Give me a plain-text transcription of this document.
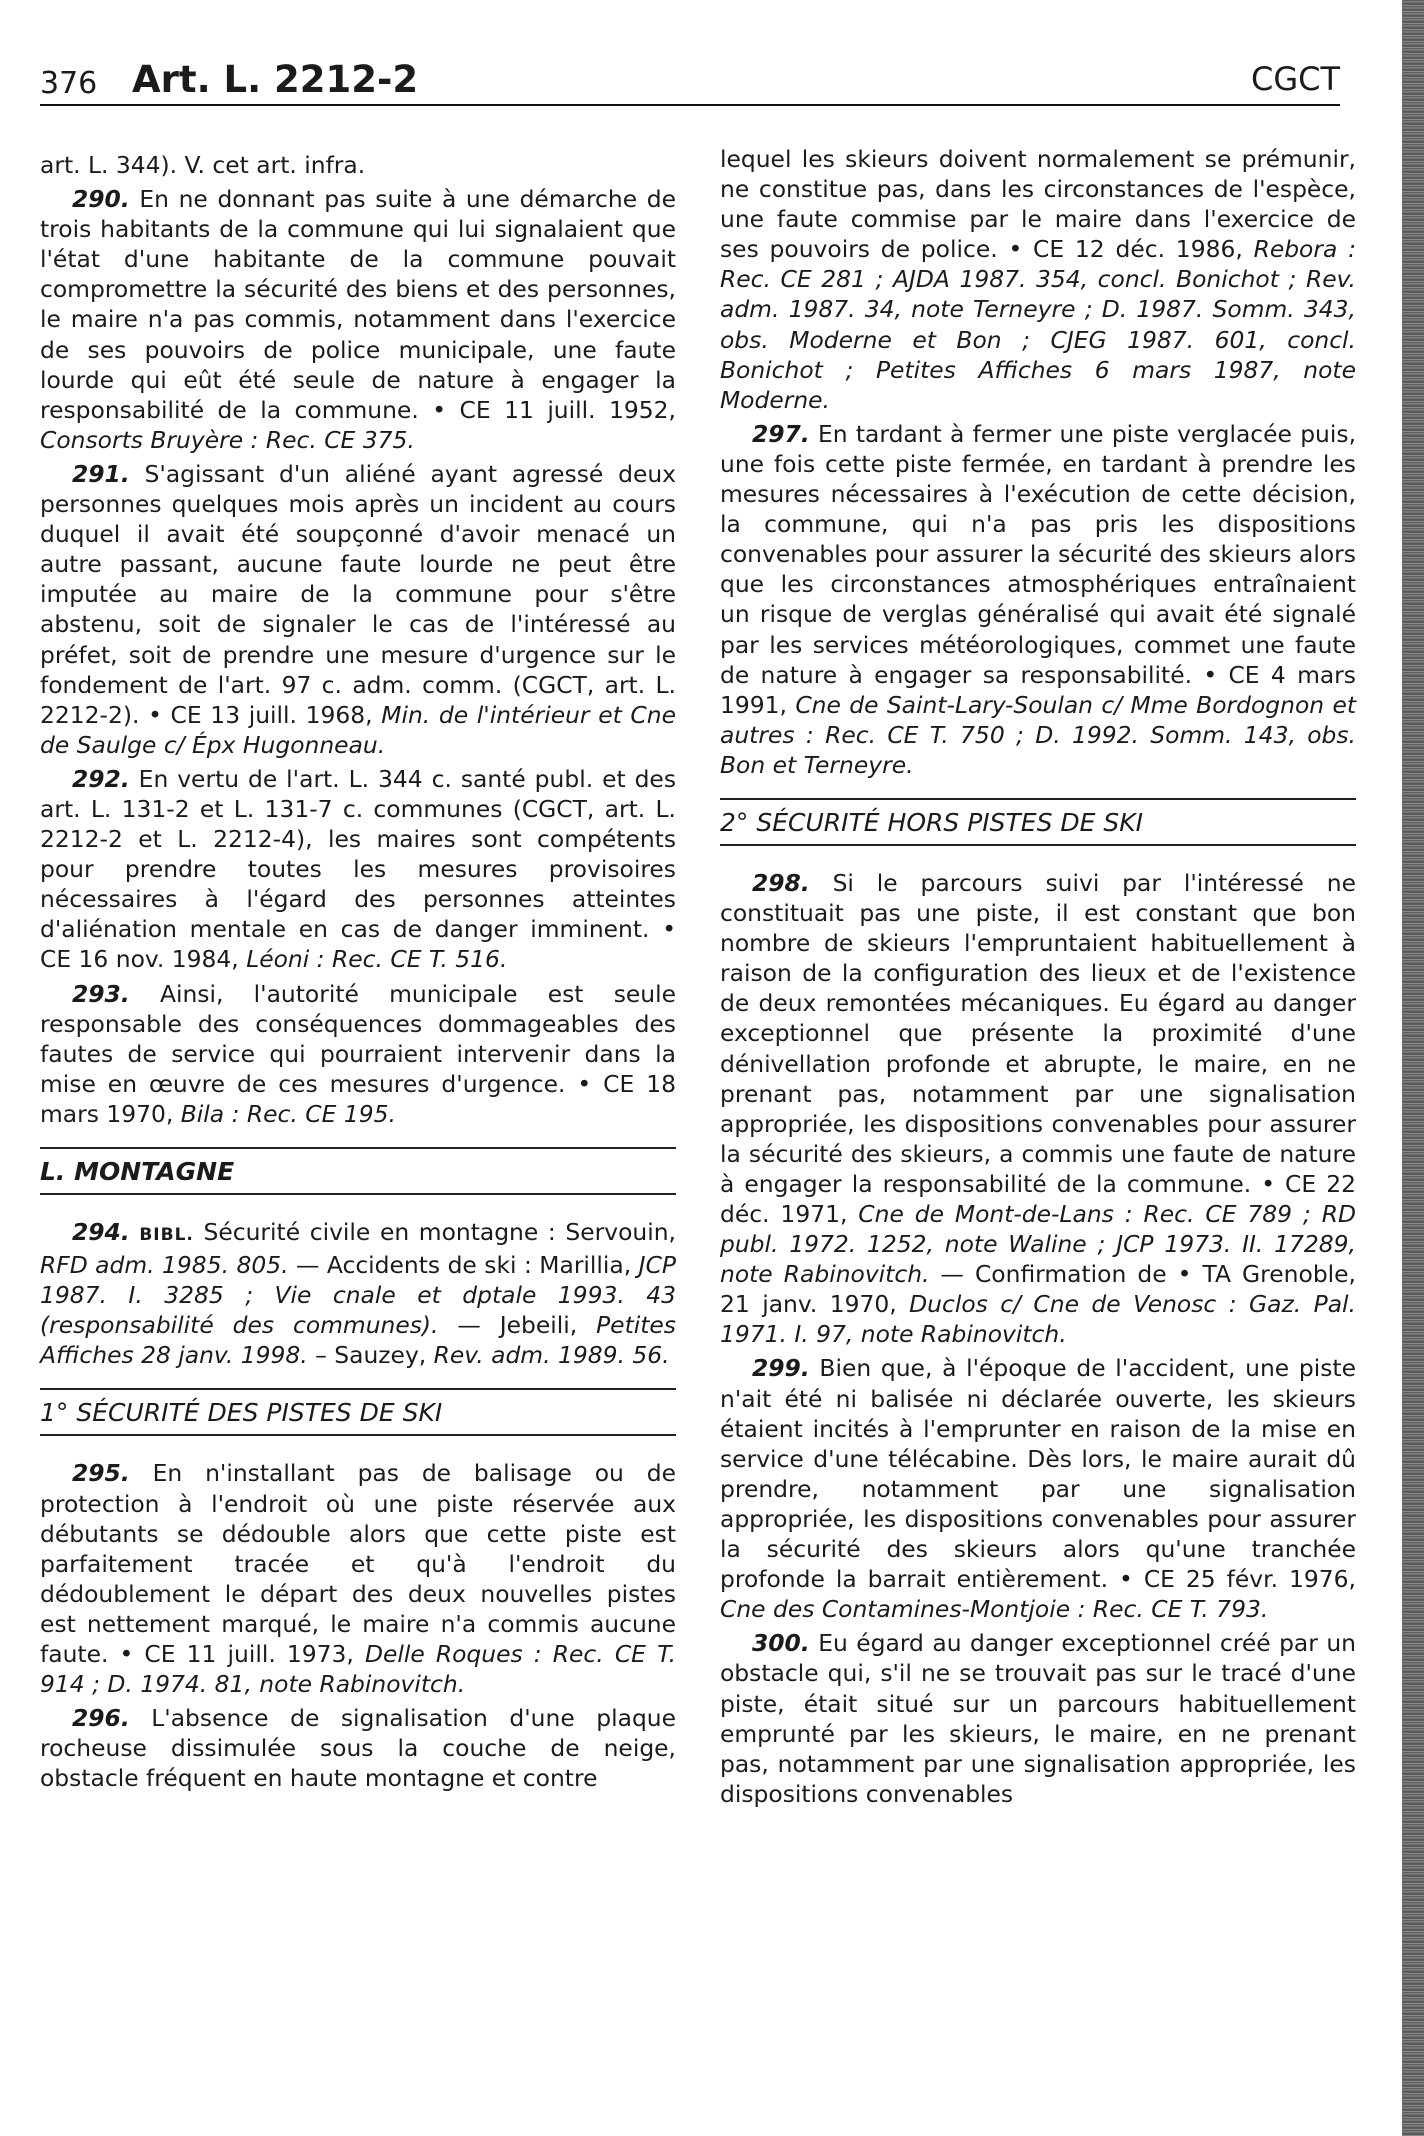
376 Art. L. 2212-2	CGCT

art. L. 344). V. cet art. infra.

290. En ne donnant pas suite à une démarche de trois habitants de la commune qui lui signalaient que l'état d'une habitante de la commune pouvait compromettre la sécurité des biens et des personnes, le maire n'a pas commis, notamment dans l'exercice de ses pouvoirs de police municipale, une faute lourde qui eût été seule de nature à engager la responsabilité de la commune. • CE 11 juill. 1952, Consorts Bruyère : Rec. CE 375.

291. S'agissant d'un aliéné ayant agressé deux personnes quelques mois après un incident au cours duquel il avait été soupçonné d'avoir menacé un autre passant, aucune faute lourde ne peut être imputée au maire de la commune pour s'être abstenu, soit de signaler le cas de l'intéressé au préfet, soit de prendre une mesure d'urgence sur le fondement de l'art. 97 c. adm. comm. (CGCT, art. L. 2212-2). • CE 13 juill. 1968, Min. de l'intérieur et Cne de Saulge c/ Épx Hugonneau.

292. En vertu de l'art. L. 344 c. santé publ. et des art. L. 131-2 et L. 131-7 c. communes (CGCT, art. L. 2212-2 et L. 2212-4), les maires sont compétents pour prendre toutes les mesures provisoires nécessaires à l'égard des personnes atteintes d'aliénation mentale en cas de danger imminent. • CE 16 nov. 1984, Léoni : Rec. CE T. 516.

293. Ainsi, l'autorité municipale est seule responsable des conséquences dommageables des fautes de service qui pourraient intervenir dans la mise en œuvre de ces mesures d'urgence. • CE 18 mars 1970, Bila : Rec. CE 195.

L. MONTAGNE

294. BIBL. Sécurité civile en montagne : Servouin, RFD adm. 1985. 805. — Accidents de ski : Marillia, JCP 1987. I. 3285 ; Vie cnale et dptale 1993. 43 (responsabilité des communes). — Jebeili, Petites Affiches 28 janv. 1998. – Sauzey, Rev. adm. 1989. 56.

1° SÉCURITÉ DES PISTES DE SKI

295. En n'installant pas de balisage ou de protection à l'endroit où une piste réservée aux débutants se dédouble alors que cette piste est parfaitement tracée et qu'à l'endroit du dédoublement le départ des deux nouvelles pistes est nettement marqué, le maire n'a commis aucune faute. • CE 11 juill. 1973, Delle Roques : Rec. CE T. 914 ; D. 1974. 81, note Rabinovitch.

296. L'absence de signalisation d'une plaque rocheuse dissimulée sous la couche de neige, obstacle fréquent en haute montagne et contre

lequel les skieurs doivent normalement se prémunir, ne constitue pas, dans les circonstances de l'espèce, une faute commise par le maire dans l'exercice de ses pouvoirs de police. • CE 12 déc. 1986, Rebora : Rec. CE 281 ; AJDA 1987. 354, concl. Bonichot ; Rev. adm. 1987. 34, note Terneyre ; D. 1987. Somm. 343, obs. Moderne et Bon ; CJEG 1987. 601, concl. Bonichot ; Petites Affiches 6 mars 1987, note Moderne.

297. En tardant à fermer une piste verglacée puis, une fois cette piste fermée, en tardant à prendre les mesures nécessaires à l'exécution de cette décision, la commune, qui n'a pas pris les dispositions convenables pour assurer la sécurité des skieurs alors que les circonstances atmosphériques entraînaient un risque de verglas généralisé qui avait été signalé par les services météorologiques, commet une faute de nature à engager sa responsabilité. • CE 4 mars 1991, Cne de Saint-Lary-Soulan c/ Mme Bordognon et autres : Rec. CE T. 750 ; D. 1992. Somm. 143, obs. Bon et Terneyre.

2° SÉCURITÉ HORS PISTES DE SKI

298. Si le parcours suivi par l'intéressé ne constituait pas une piste, il est constant que bon nombre de skieurs l'empruntaient habituellement à raison de la configuration des lieux et de l'existence de deux remontées mécaniques. Eu égard au danger exceptionnel que présente la proximité d'une dénivellation profonde et abrupte, le maire, en ne prenant pas, notamment par une signalisation appropriée, les dispositions convenables pour assurer la sécurité des skieurs, a commis une faute de nature à engager la responsabilité de la commune. • CE 22 déc. 1971, Cne de Mont-de-Lans : Rec. CE 789 ; RD publ. 1972. 1252, note Waline ; JCP 1973. II. 17289, note Rabinovitch. — Confirmation de • TA Grenoble, 21 janv. 1970, Duclos c/ Cne de Venosc : Gaz. Pal. 1971. I. 97, note Rabinovitch.

299. Bien que, à l'époque de l'accident, une piste n'ait été ni balisée ni déclarée ouverte, les skieurs étaient incités à l'emprunter en raison de la mise en service d'une télécabine. Dès lors, le maire aurait dû prendre, notamment par une signalisation appropriée, les dispositions convenables pour assurer la sécurité des skieurs alors qu'une tranchée profonde la barrait entièrement. • CE 25 févr. 1976, Cne des Contamines-Montjoie : Rec. CE T. 793.

300. Eu égard au danger exceptionnel créé par un obstacle qui, s'il ne se trouvait pas sur le tracé d'une piste, était situé sur un parcours habituellement emprunté par les skieurs, le maire, en ne prenant pas, notamment par une signalisation appropriée, les dispositions convenables
